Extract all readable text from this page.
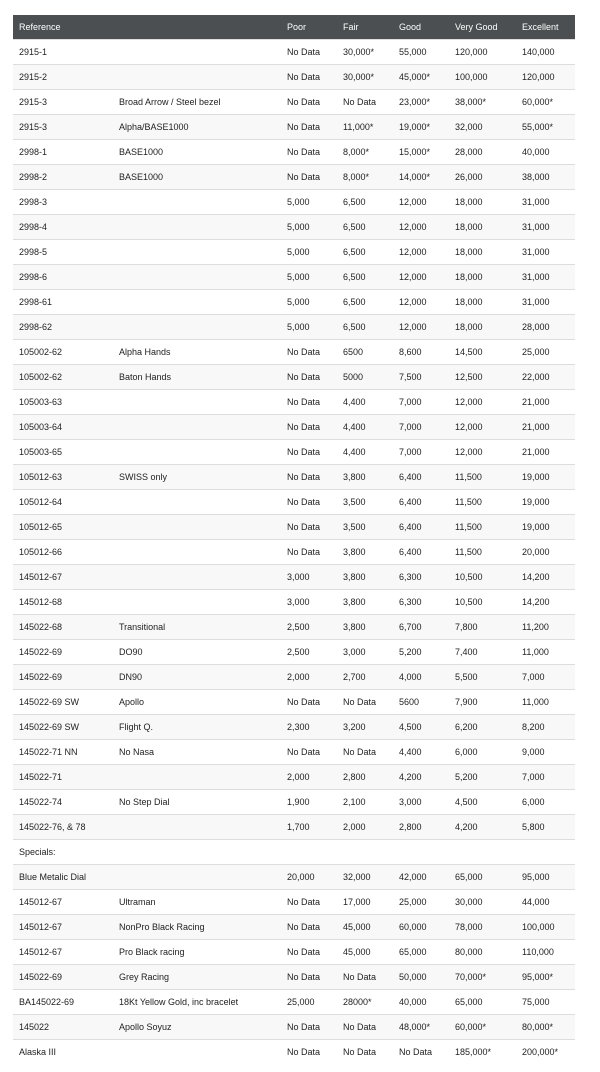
Reference		Poor	Fair	Good	Very Good	Excellent
2915-1		No Data	30,000*	55,000	120,000	140,000
2915-2		No Data	30,000*	45,000*	100,000	120,000
2915-3	Broad Arrow / Steel bezel	No Data	No Data	23,000*	38,000*	60,000*
2915-3	Alpha/BASE1000	No Data	11,000*	19,000*	32,000	55,000*
2998-1	BASE1000	No Data	8,000*	15,000*	28,000	40,000
2998-2	BASE1000	No Data	8,000*	14,000*	26,000	38,000
2998-3		5,000	6,500	12,000	18,000	31,000
2998-4		5,000	6,500	12,000	18,000	31,000
2998-5		5,000	6,500	12,000	18,000	31,000
2998-6		5,000	6,500	12,000	18,000	31,000
2998-61		5,000	6,500	12,000	18,000	31,000
2998-62		5,000	6,500	12,000	18,000	28,000
105002-62	Alpha Hands	No Data	6500	8,600	14,500	25,000
105002-62	Baton Hands	No Data	5000	7,500	12,500	22,000
105003-63		No Data	4,400	7,000	12,000	21,000
105003-64		No Data	4,400	7,000	12,000	21,000
105003-65		No Data	4,400	7,000	12,000	21,000
105012-63	SWISS only	No Data	3,800	6,400	11,500	19,000
105012-64		No Data	3,500	6,400	11,500	19,000
105012-65		No Data	3,500	6,400	11,500	19,000
105012-66		No Data	3,800	6,400	11,500	20,000
145012-67		3,000	3,800	6,300	10,500	14,200
145012-68		3,000	3,800	6,300	10,500	14,200
145022-68	Transitional	2,500	3,800	6,700	7,800	11,200
145022-69	DO90	2,500	3,000	5,200	7,400	11,000
145022-69	DN90	2,000	2,700	4,000	5,500	7,000
145022-69 SW	Apollo	No Data	No Data	5600	7,900	11,000
145022-69 SW	Flight Q.	2,300	3,200	4,500	6,200	8,200
145022-71 NN	No Nasa	No Data	No Data	4,400	6,000	9,000
145022-71		2,000	2,800	4,200	5,200	7,000
145022-74	No Step Dial	1,900	2,100	3,000	4,500	6,000
145022-76, & 78		1,700	2,000	2,800	4,200	5,800
Specials:						
Blue Metalic Dial		20,000	32,000	42,000	65,000	95,000
145012-67	Ultraman	No Data	17,000	25,000	30,000	44,000
145012-67	NonPro Black Racing	No Data	45,000	60,000	78,000	100,000
145012-67	Pro Black racing	No Data	45,000	65,000	80,000	110,000
145022-69	Grey Racing	No Data	No Data	50,000	70,000*	95,000*
BA145022-69	18Kt Yellow Gold, inc bracelet	25,000	28000*	40,000	65,000	75,000
145022	Apollo Soyuz	No Data	No Data	48,000*	60,000*	80,000*
Alaska III		No Data	No Data	No Data	185,000*	200,000*
